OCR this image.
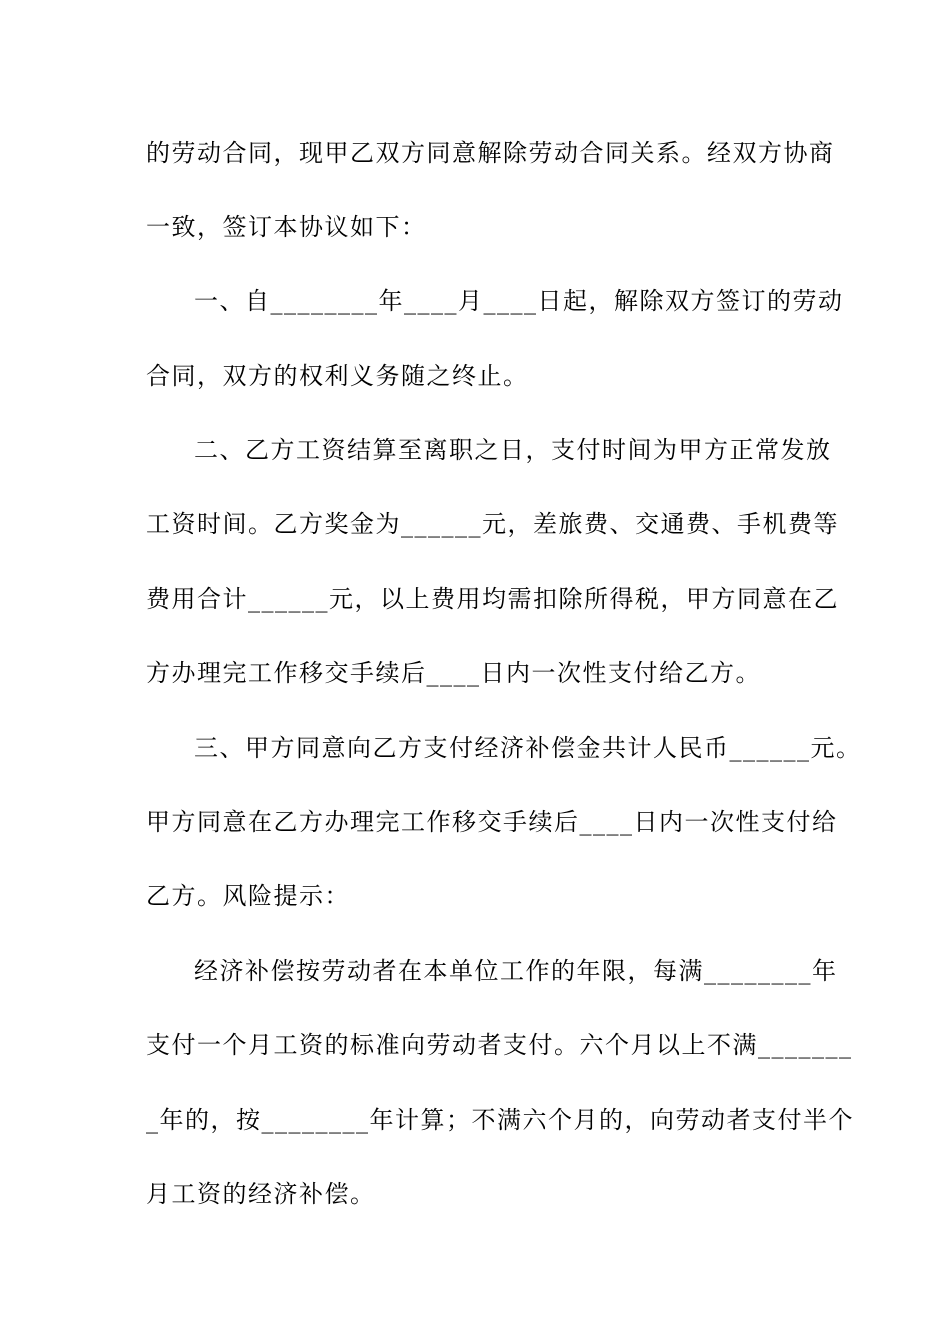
的劳动合同，现甲乙双方同意解除劳动合同关系。经双方协商
一致，签订本协议如下：
一、自________年____月____日起，解除双方签订的劳动
合同，双方的权利义务随之终止。
二、乙方工资结算至离职之日，支付时间为甲方正常发放
工资时间。乙方奖金为______元，差旅费、交通费、手机费等
费用合计______元，以上费用均需扣除所得税，甲方同意在乙
方办理完工作移交手续后____日内一次性支付给乙方。
三、甲方同意向乙方支付经济补偿金共计人民币______元。
甲方同意在乙方办理完工作移交手续后____日内一次性支付给
乙方。风险提示：
经济补偿按劳动者在本单位工作的年限，每满________年
支付一个月工资的标准向劳动者支付。六个月以上不满_______
_年的，按________年计算；不满六个月的，向劳动者支付半个
月工资的经济补偿。
